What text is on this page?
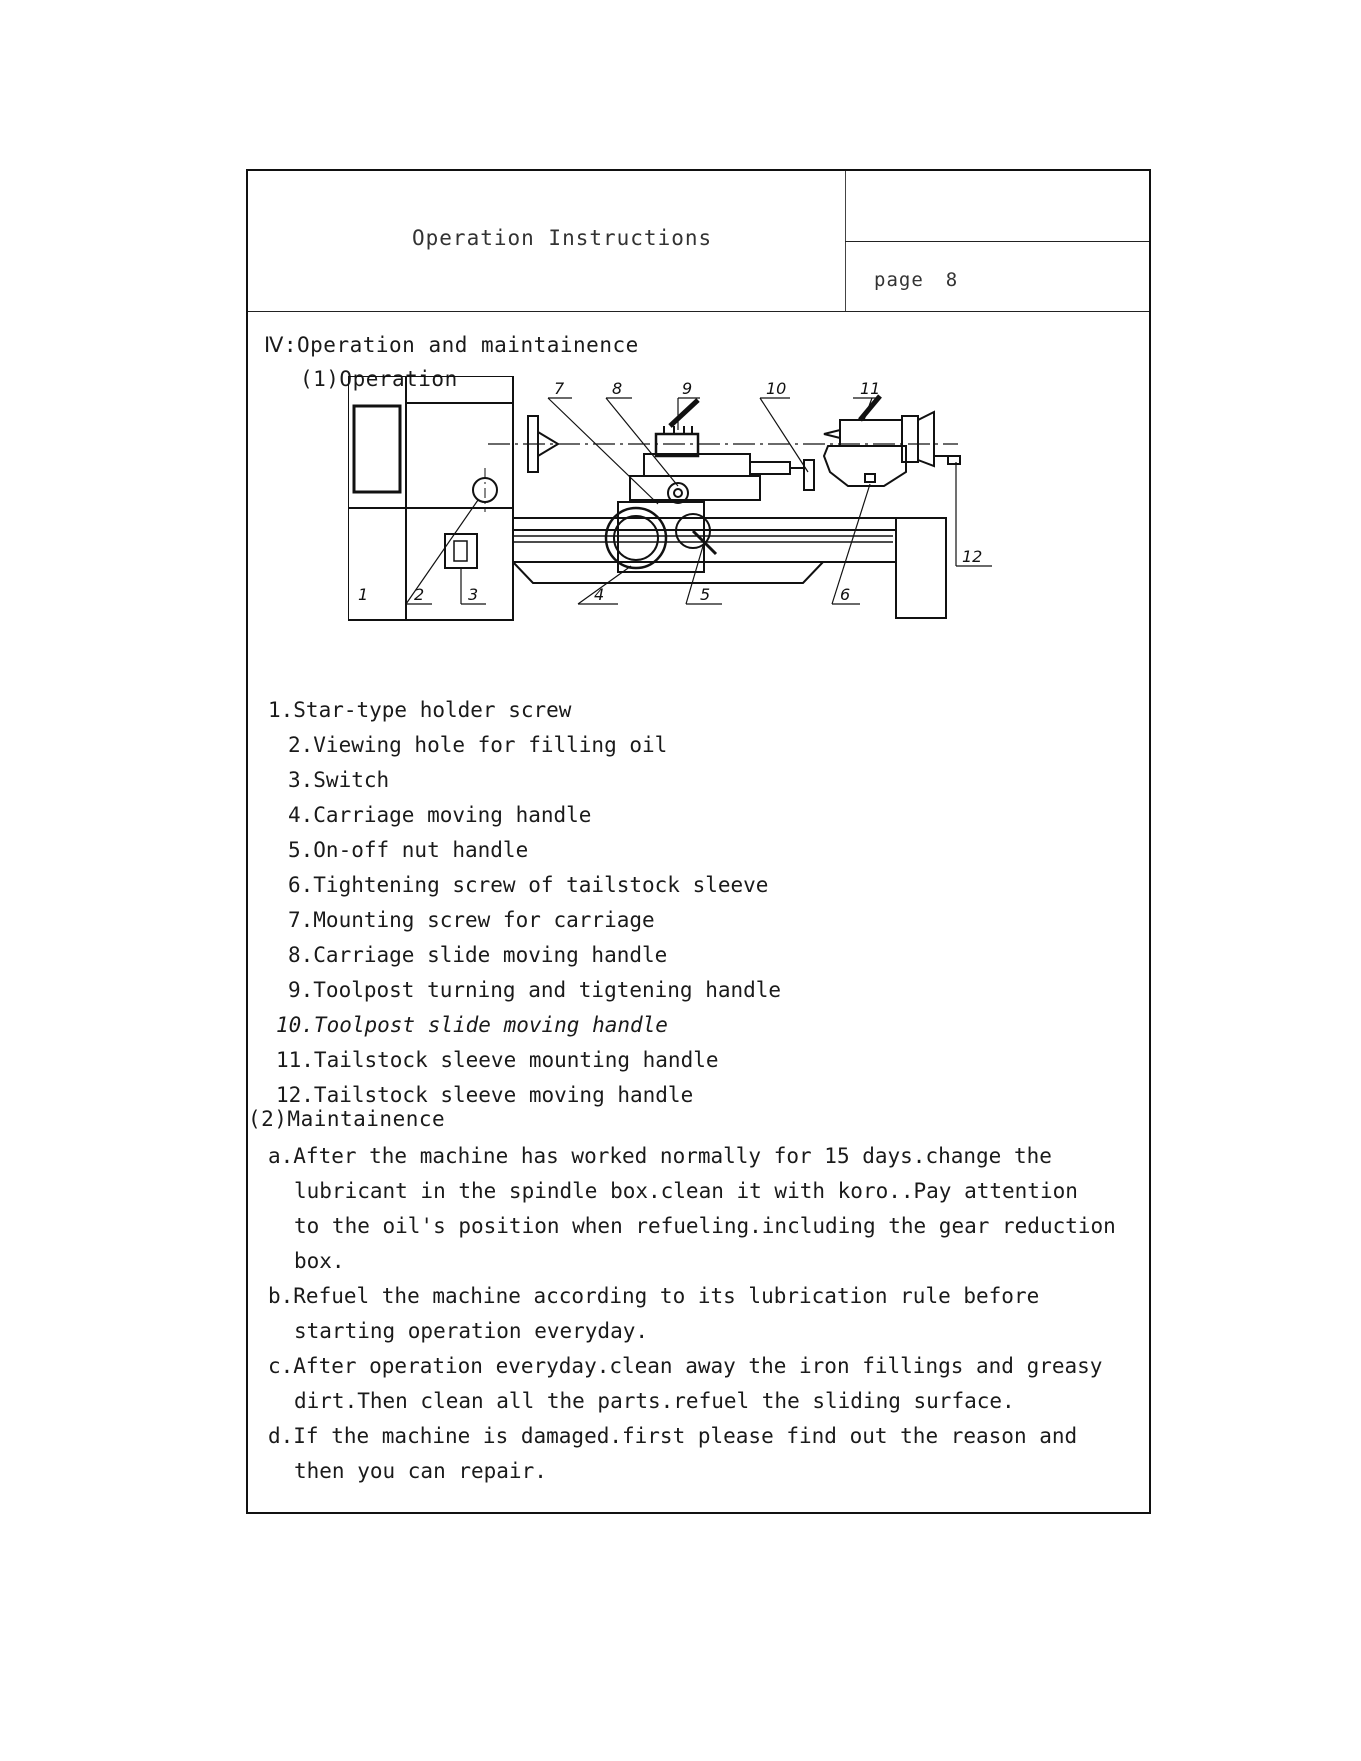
Operation Instructions
page 8
Ⅳ:Operation and maintainence
(1)Operation
1	2	3	4	5	6
7	8	9	10	11
12
1.Star-type holder screw
2.Viewing hole for filling oil
3.Switch
4.Carriage moving handle
5.On-off nut handle
6.Tightening screw of tailstock sleeve
7.Mounting screw for carriage
8.Carriage slide moving handle
9.Toolpost turning and tigtening handle
10.Toolpost slide moving handle
11.Tailstock sleeve mounting handle
12.Tailstock sleeve moving handle
(2)Maintainence
a.After the machine has worked normally for 15 days.change the
lubricant in the spindle box.clean it with koro..Pay attention
to the oil's position when refueling.including the gear reduction
box.
b.Refuel the machine according to its lubrication rule before
starting operation everyday.
c.After operation everyday.clean away the iron fillings and greasy
dirt.Then clean all the parts.refuel the sliding surface.
d.If the machine is damaged.first please find out the reason and
then you can repair.
